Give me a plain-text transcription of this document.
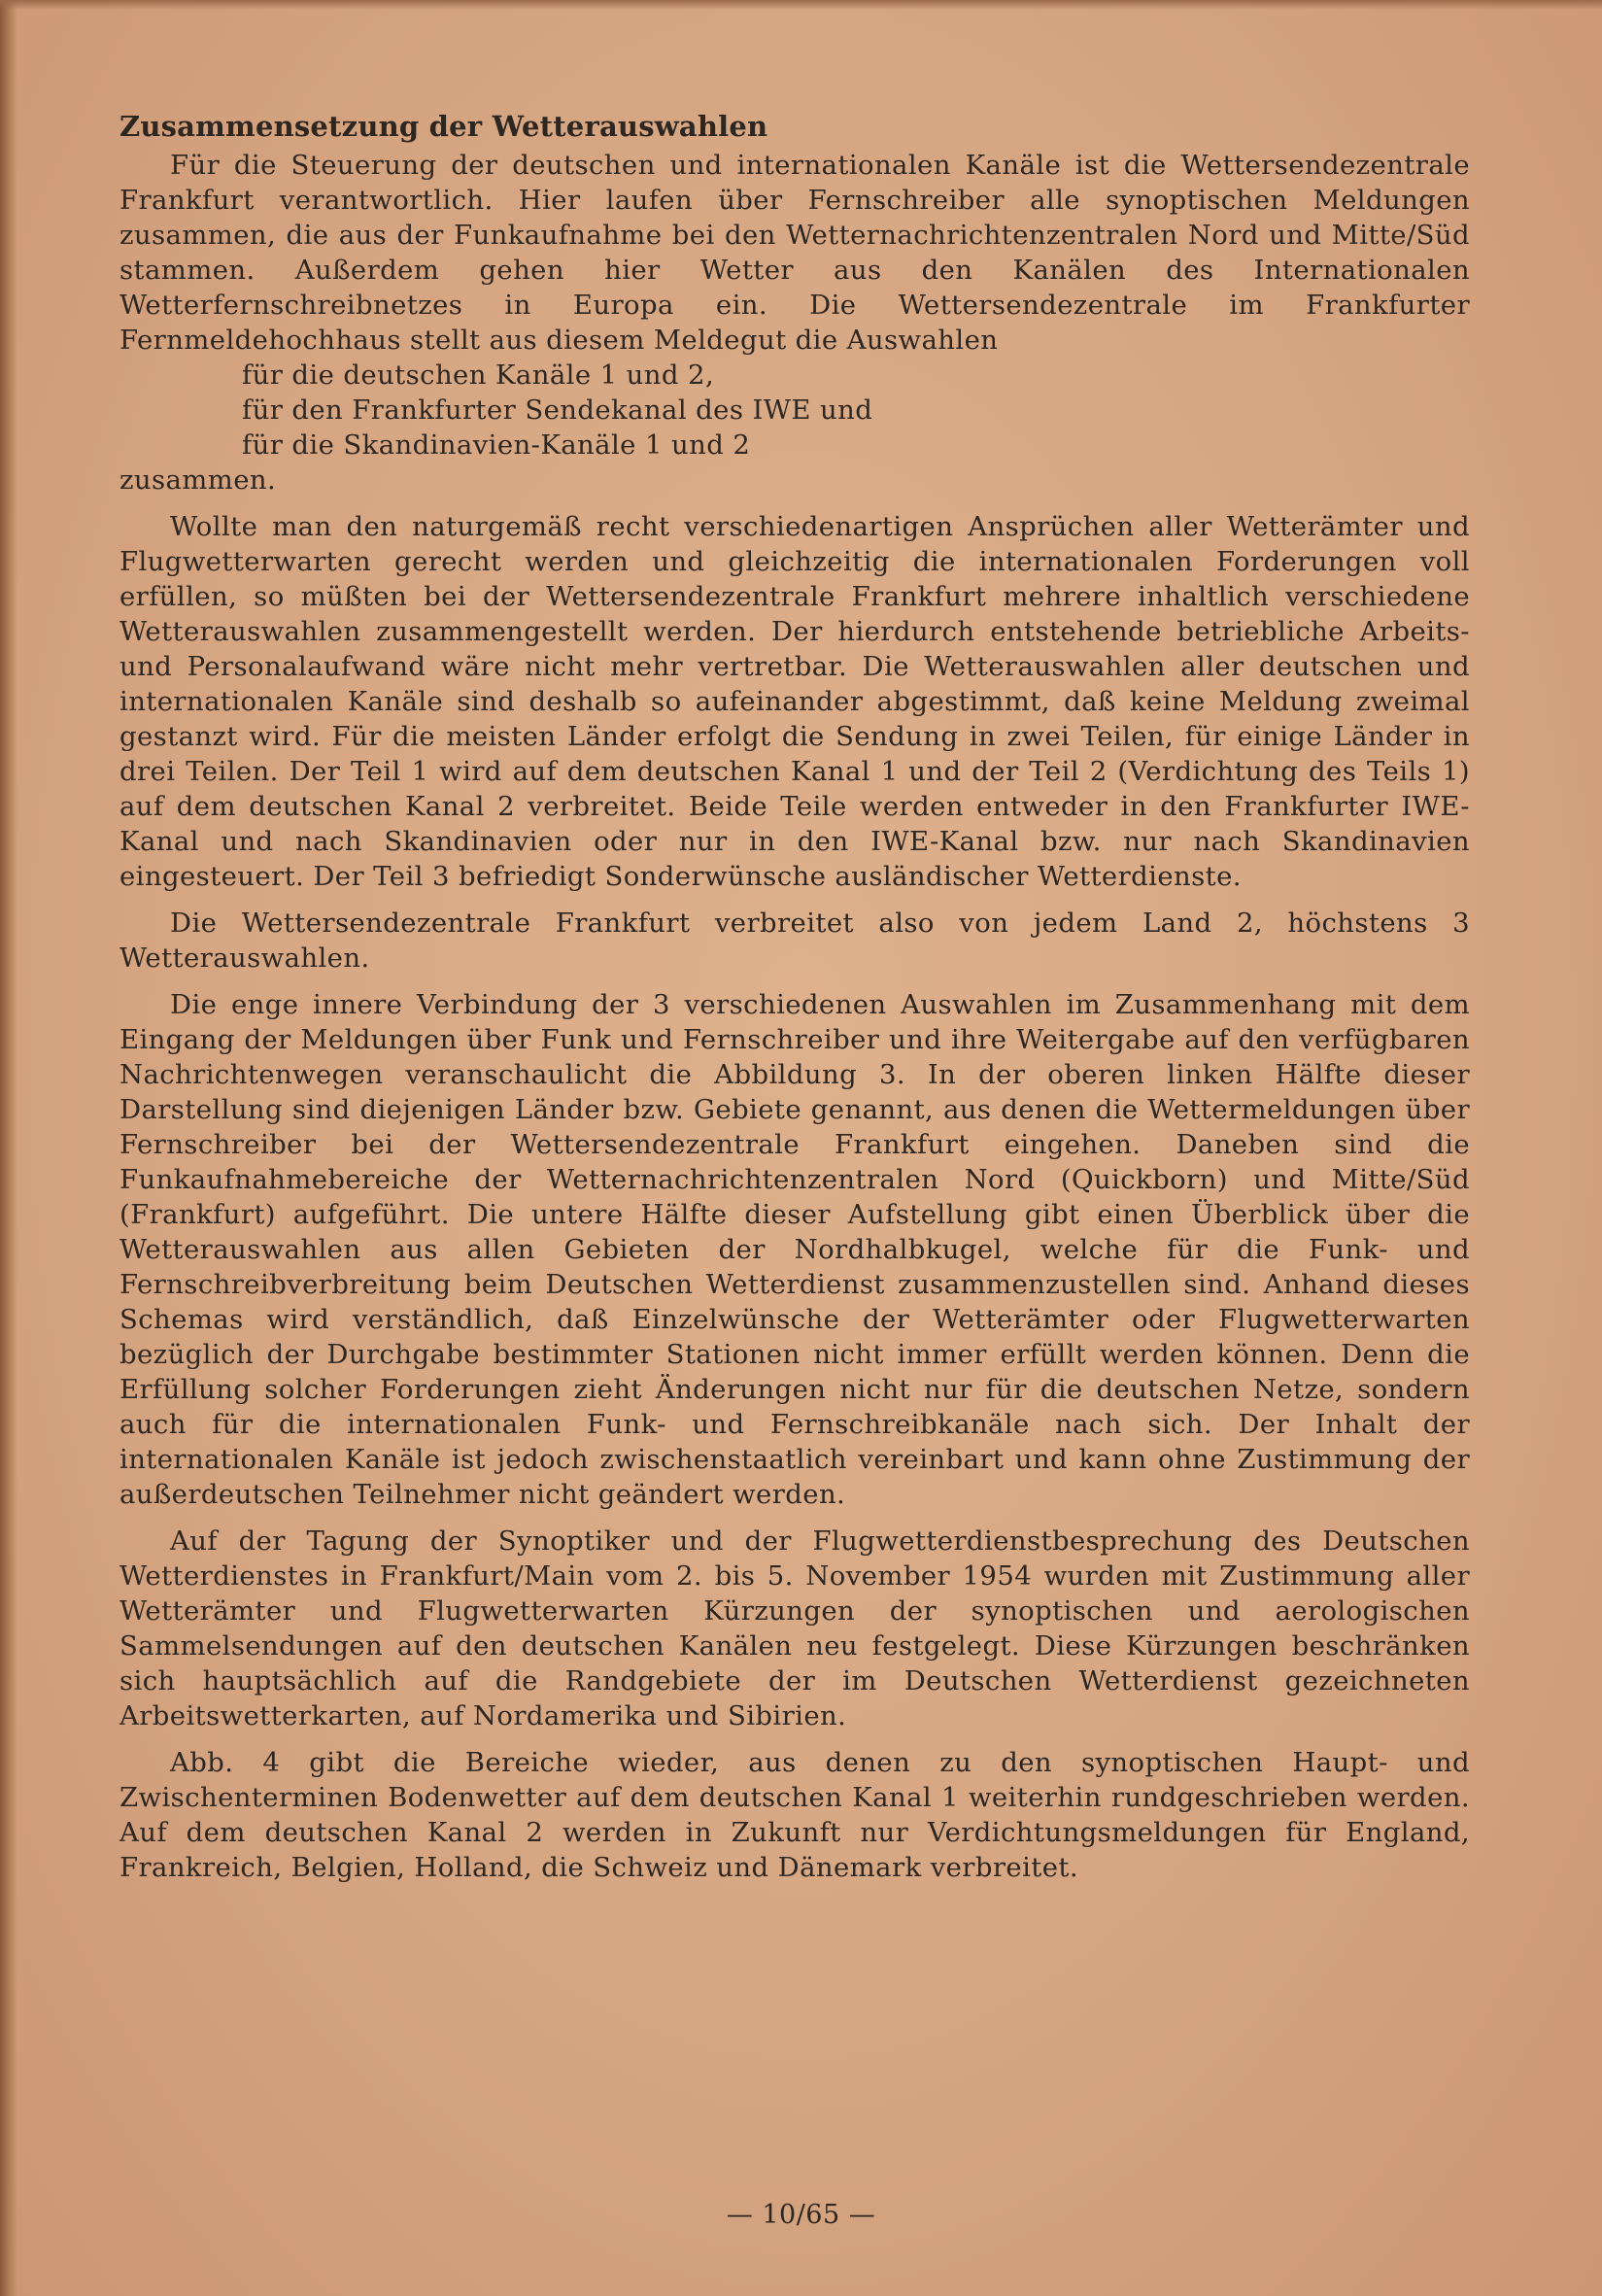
Zusammensetzung der Wetterauswahlen

Für die Steuerung der deutschen und internationalen Kanäle ist die Wettersendezentrale Frankfurt verantwortlich. Hier laufen über Fernschreiber alle synoptischen Meldungen zusammen, die aus der Funkaufnahme bei den Wetternachrichtenzentralen Nord und Mitte/Süd stammen. Außerdem gehen hier Wetter aus den Kanälen des Internationalen Wetterfernschreibnetzes in Europa ein. Die Wettersendezentrale im Frankfurter Fernmeldehochhaus stellt aus diesem Meldegut die Auswahlen

für die deutschen Kanäle 1 und 2,
für den Frankfurter Sendekanal des IWE und
für die Skandinavien-Kanäle 1 und 2
zusammen.

Wollte man den naturgemäß recht verschiedenartigen Ansprüchen aller Wetterämter und Flugwetterwarten gerecht werden und gleichzeitig die internationalen Forderungen voll erfüllen, so müßten bei der Wettersendezentrale Frankfurt mehrere inhaltlich verschiedene Wetterauswahlen zusammengestellt werden. Der hierdurch entstehende betriebliche Arbeits- und Personalaufwand wäre nicht mehr vertretbar. Die Wetterauswahlen aller deutschen und internationalen Kanäle sind deshalb so aufeinander abgestimmt, daß keine Meldung zweimal gestanzt wird. Für die meisten Länder erfolgt die Sendung in zwei Teilen, für einige Länder in drei Teilen. Der Teil 1 wird auf dem deutschen Kanal 1 und der Teil 2 (Verdichtung des Teils 1) auf dem deutschen Kanal 2 verbreitet. Beide Teile werden entweder in den Frankfurter IWE-Kanal und nach Skandinavien oder nur in den IWE-Kanal bzw. nur nach Skandinavien eingesteuert. Der Teil 3 befriedigt Sonderwünsche ausländischer Wetterdienste.

Die Wettersendezentrale Frankfurt verbreitet also von jedem Land 2, höchstens 3 Wetterauswahlen.

Die enge innere Verbindung der 3 verschiedenen Auswahlen im Zusammenhang mit dem Eingang der Meldungen über Funk und Fernschreiber und ihre Weitergabe auf den verfügbaren Nachrichtenwegen veranschaulicht die Abbildung 3. In der oberen linken Hälfte dieser Darstellung sind diejenigen Länder bzw. Gebiete genannt, aus denen die Wettermeldungen über Fernschreiber bei der Wettersendezentrale Frankfurt eingehen. Daneben sind die Funkaufnahmebereiche der Wetternachrichtenzentralen Nord (Quickborn) und Mitte/Süd (Frankfurt) aufgeführt. Die untere Hälfte dieser Aufstellung gibt einen Überblick über die Wetterauswahlen aus allen Gebieten der Nordhalbkugel, welche für die Funk- und Fernschreibverbreitung beim Deutschen Wetterdienst zusammenzustellen sind. Anhand dieses Schemas wird verständlich, daß Einzelwünsche der Wetterämter oder Flugwetterwarten bezüglich der Durchgabe bestimmter Stationen nicht immer erfüllt werden können. Denn die Erfüllung solcher Forderungen zieht Änderungen nicht nur für die deutschen Netze, sondern auch für die internationalen Funk- und Fernschreibkanäle nach sich. Der Inhalt der internationalen Kanäle ist jedoch zwischenstaatlich vereinbart und kann ohne Zustimmung der außerdeutschen Teilnehmer nicht geändert werden.

Auf der Tagung der Synoptiker und der Flugwetterdienstbesprechung des Deutschen Wetterdienstes in Frankfurt/Main vom 2. bis 5. November 1954 wurden mit Zustimmung aller Wetterämter und Flugwetterwarten Kürzungen der synoptischen und aerologischen Sammelsendungen auf den deutschen Kanälen neu festgelegt. Diese Kürzungen beschränken sich hauptsächlich auf die Randgebiete der im Deutschen Wetterdienst gezeichneten Arbeitswetterkarten, auf Nordamerika und Sibirien.

Abb. 4 gibt die Bereiche wieder, aus denen zu den synoptischen Haupt- und Zwischenterminen Bodenwetter auf dem deutschen Kanal 1 weiterhin rundgeschrieben werden. Auf dem deutschen Kanal 2 werden in Zukunft nur Verdichtungsmeldungen für England, Frankreich, Belgien, Holland, die Schweiz und Dänemark verbreitet.

— 10/65 —
